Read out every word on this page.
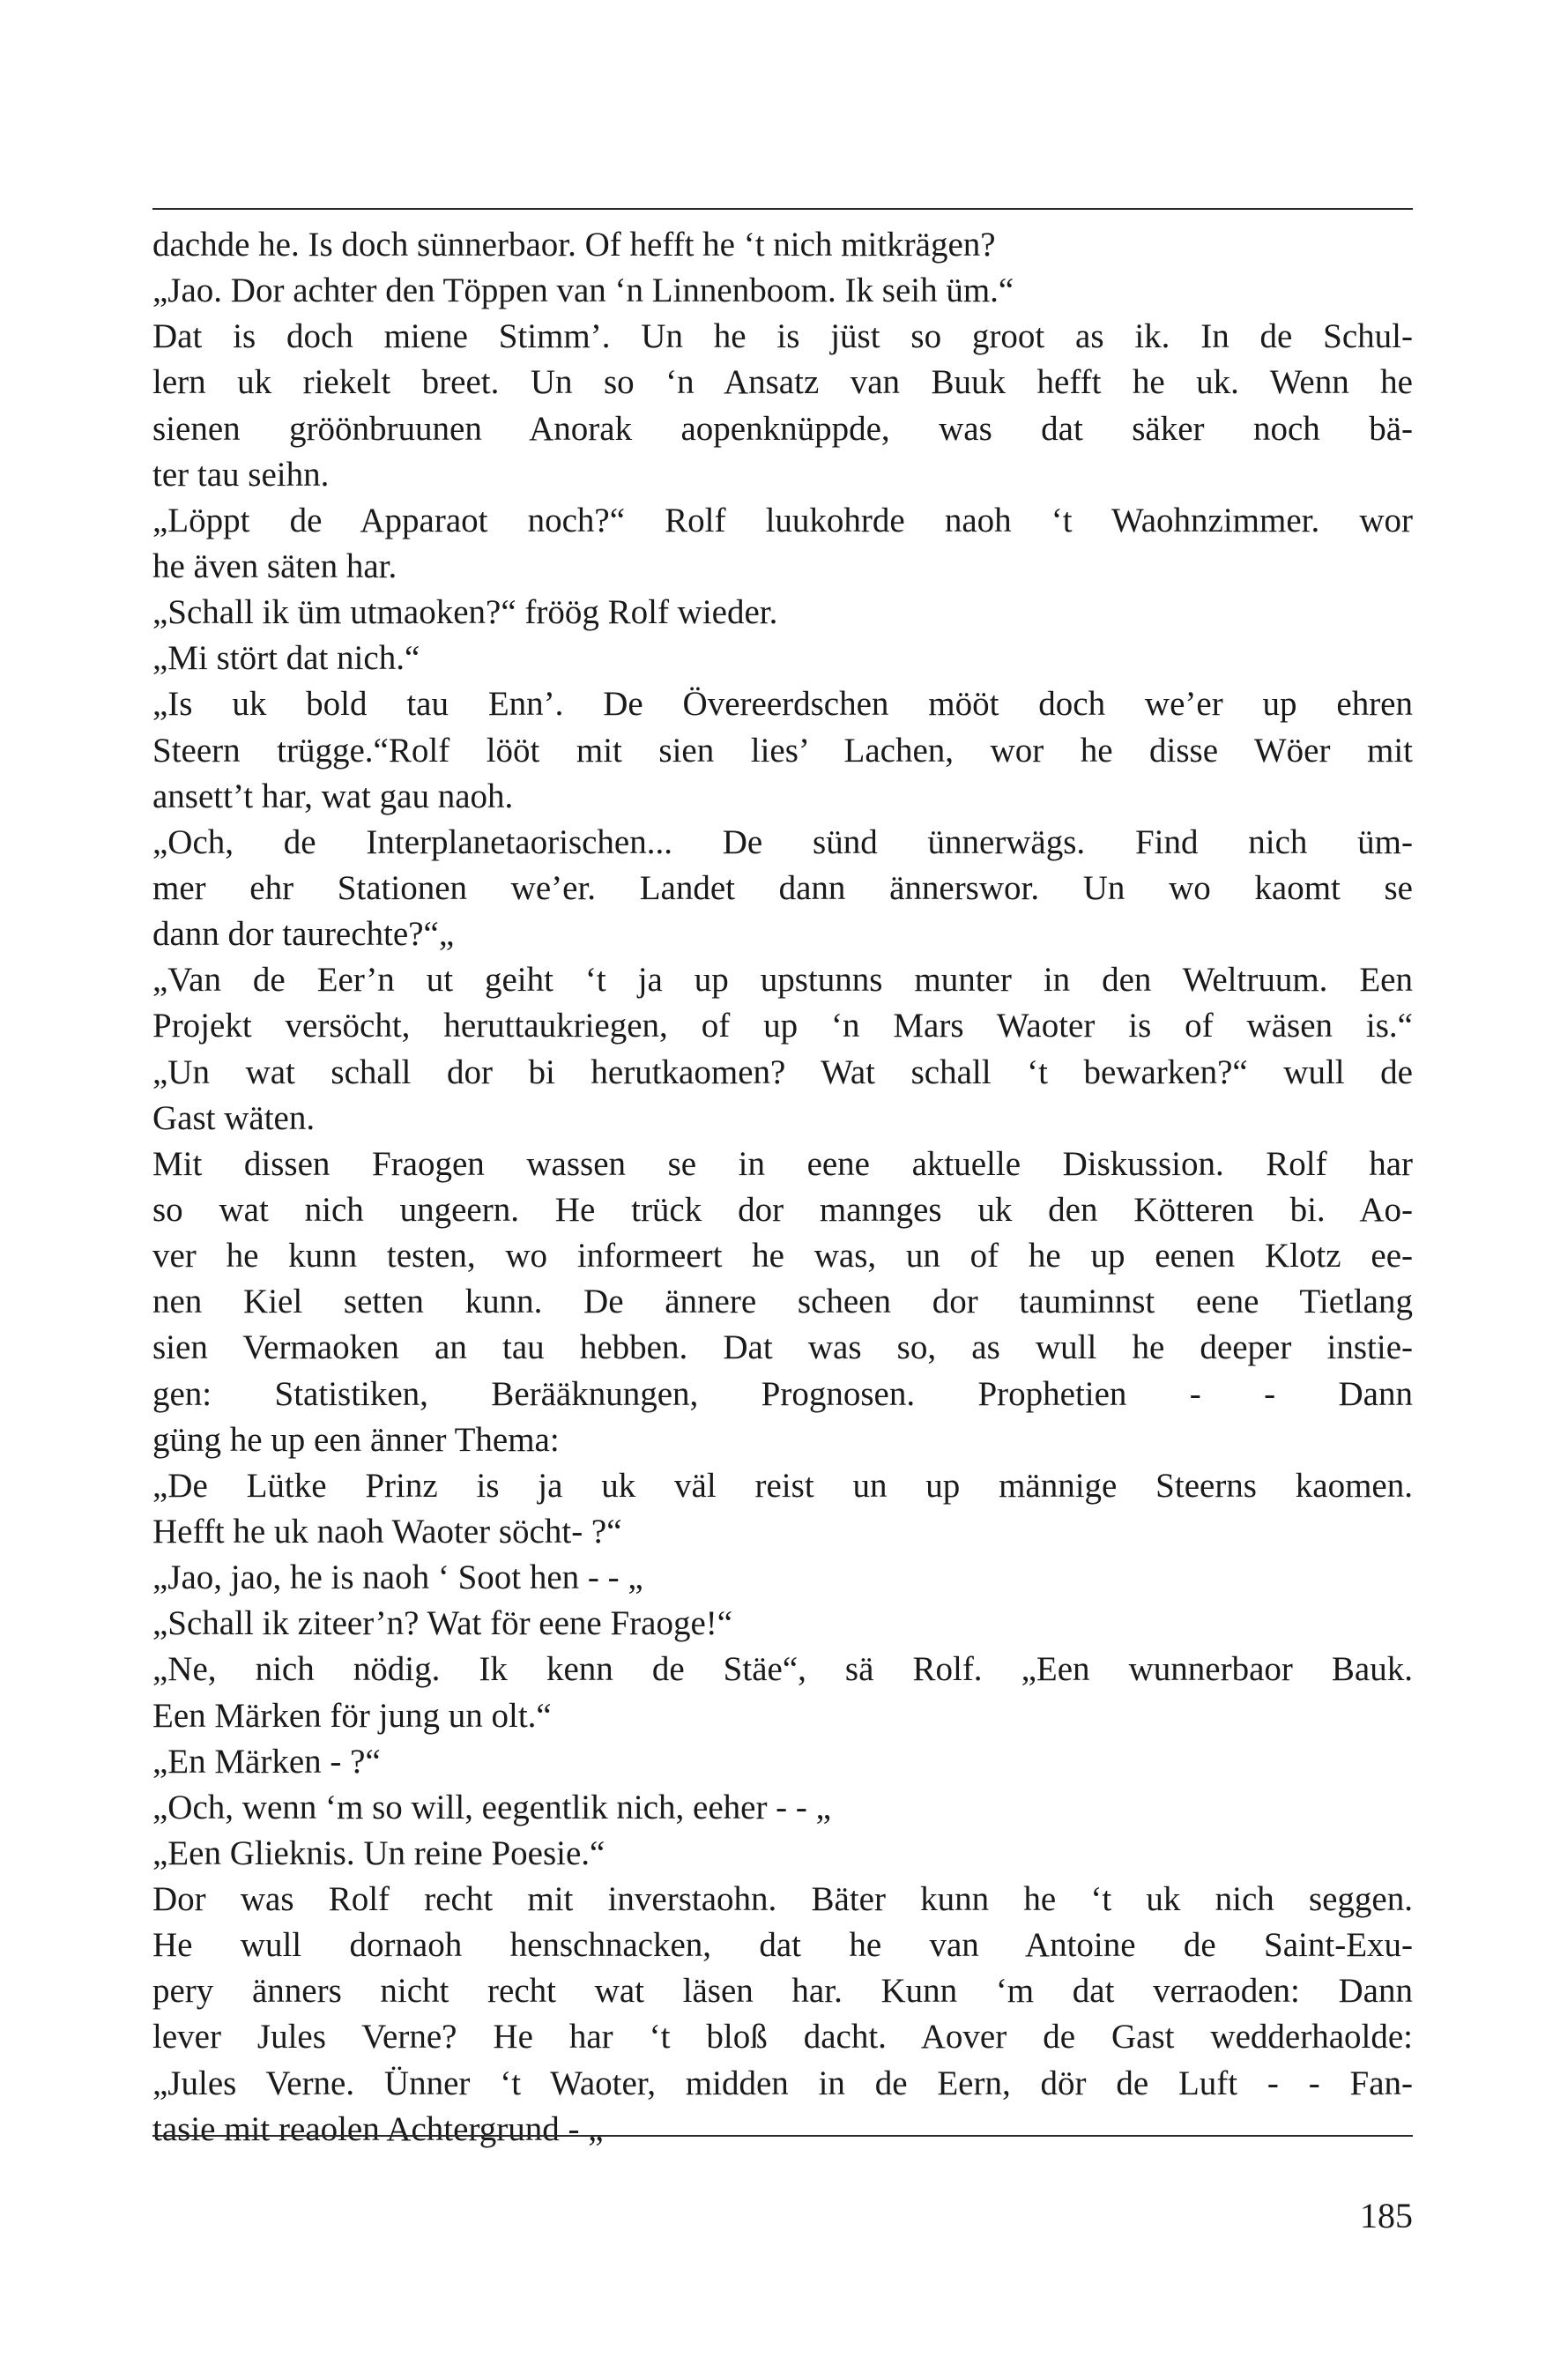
dachde he. Is doch sünnerbaor. Of hefft he ‘t nich mitkrägen?
„Jao. Dor achter den Töppen van ‘n Linnenboom. Ik seih üm.“
Dat is doch miene Stimm’. Un he is jüst so groot as ik. In de Schul-
lern uk riekelt breet. Un so ‘n Ansatz van Buuk hefft he uk. Wenn he
sienen gröönbruunen Anorak aopenknüppde, was dat säker noch bä-
ter tau seihn.
„Löppt de Apparaot noch?“ Rolf luukohrde naoh ‘t Waohnzimmer. wor
he även säten har.
„Schall ik üm utmaoken?“ fröög Rolf wieder.
„Mi stört dat nich.“
„Is uk bold tau Enn’. De Övereerdschen mööt doch we’er up ehren
Steern trügge.“Rolf lööt mit sien lies’ Lachen, wor he disse Wöer mit
ansett’t har, wat gau naoh.
„Och, de Interplanetaorischen... De sünd ünnerwägs. Find nich üm-
mer ehr Stationen we’er. Landet dann ännerswor. Un wo kaomt se
dann dor taurechte?“„
„Van de Eer’n ut geiht ‘t ja up upstunns munter in den Weltruum. Een
Projekt versöcht, heruttaukriegen, of up ‘n Mars Waoter is of wäsen is.“
„Un wat schall dor bi herutkaomen? Wat schall ‘t bewarken?“ wull de
Gast wäten.
Mit dissen Fraogen wassen se in eene aktuelle Diskussion. Rolf har
so wat nich ungeern. He trück dor mannges uk den Kötteren bi. Ao-
ver he kunn testen, wo informeert he was, un of he up eenen Klotz ee-
nen Kiel setten kunn. De ännere scheen dor tauminnst eene Tietlang
sien Vermaoken an tau hebben. Dat was so, as wull he deeper instie-
gen: Statistiken, Berääknungen, Prognosen. Prophetien - - Dann
güng he up een änner Thema:
„De Lütke Prinz is ja uk väl reist un up männige Steerns kaomen.
Hefft he uk naoh Waoter söcht- ?“
„Jao, jao, he is naoh ‘ Soot hen - - „
„Schall ik ziteer’n? Wat för eene Fraoge!“
„Ne, nich nödig. Ik kenn de Stäe“, sä Rolf. „Een wunnerbaor Bauk.
Een Märken för jung un olt.“
„En Märken - ?“
„Och, wenn ‘m so will, eegentlik nich, eeher - - „
„Een Glieknis. Un reine Poesie.“
Dor was Rolf recht mit inverstaohn. Bäter kunn he ‘t uk nich seggen.
He wull dornaoh henschnacken, dat he van Antoine de Saint-Exu-
pery änners nicht recht wat läsen har. Kunn ‘m dat verraoden: Dann
lever Jules Verne? He har ‘t bloß dacht. Aover de Gast wedderhaolde:
„Jules Verne. Ünner ‘t Waoter, midden in de Eern, dör de Luft - - Fan-
tasie mit reaolen Achtergrund - „
185
